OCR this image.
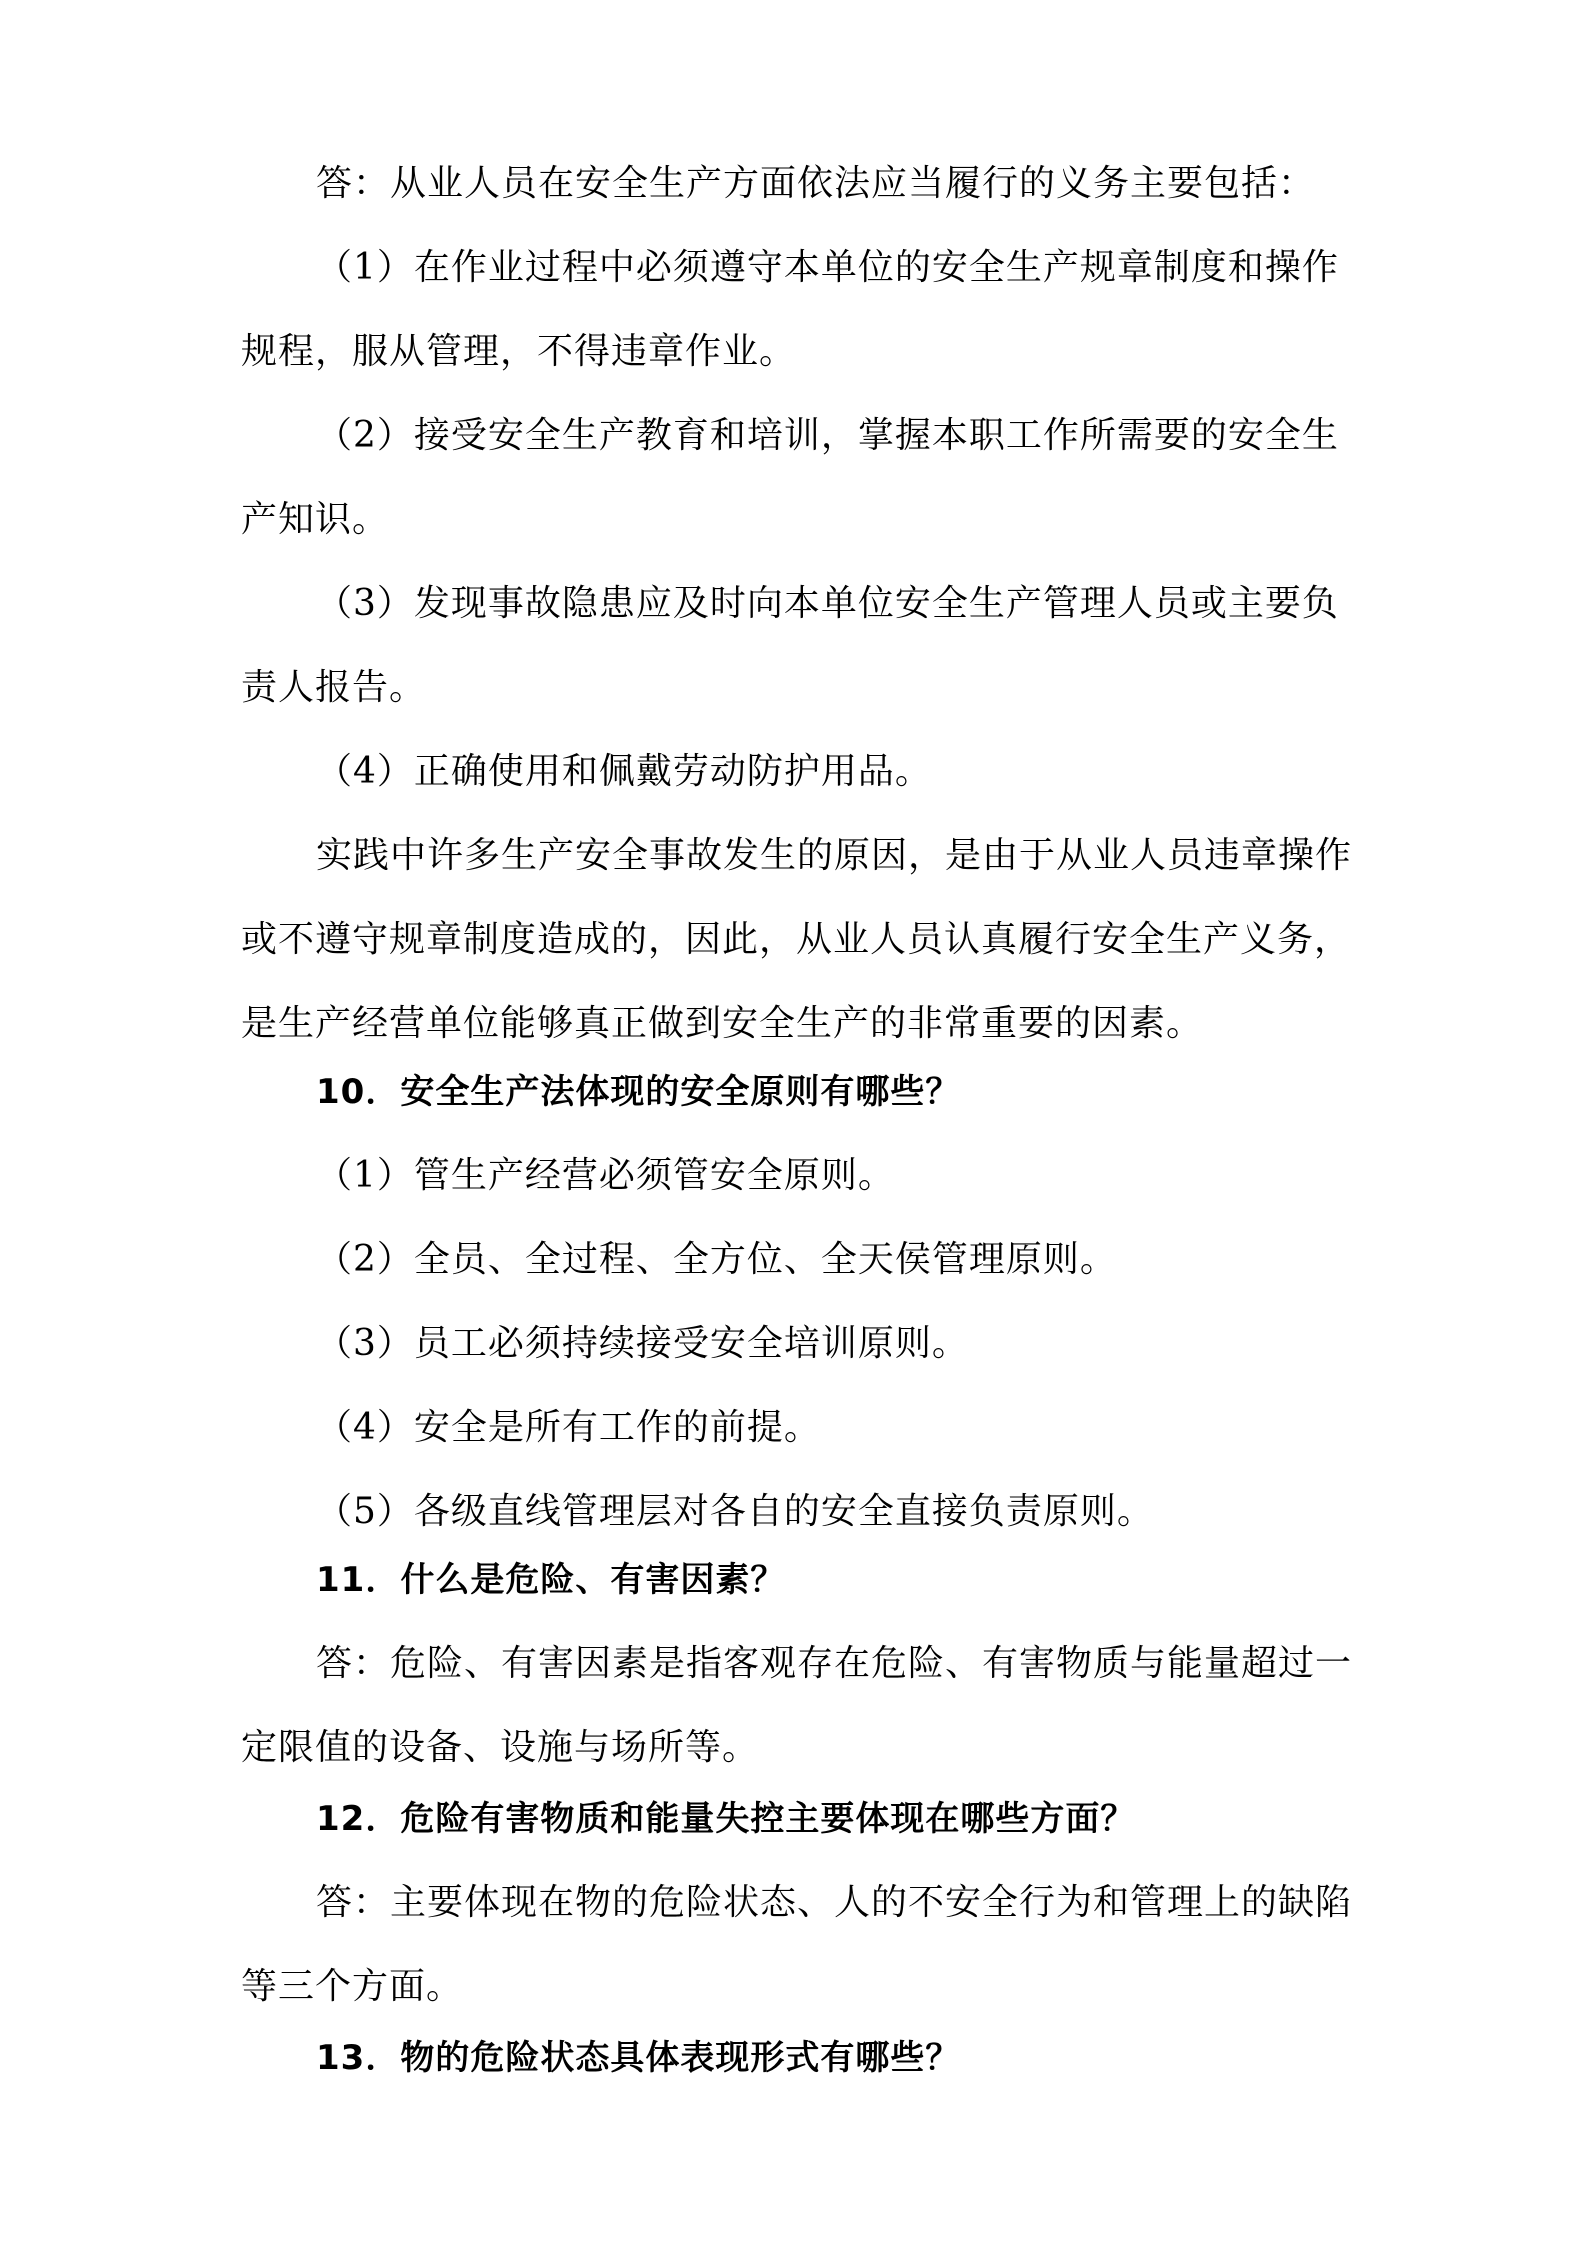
答：从业人员在安全生产方面依法应当履行的义务主要包括：
（1）在作业过程中必须遵守本单位的安全生产规章制度和操作
规程，服从管理，不得违章作业。
（2）接受安全生产教育和培训，掌握本职工作所需要的安全生
产知识。
（3）发现事故隐患应及时向本单位安全生产管理人员或主要负
责人报告。
（4）正确使用和佩戴劳动防护用品。
实践中许多生产安全事故发生的原因，是由于从业人员违章操作
或不遵守规章制度造成的，因此，从业人员认真履行安全生产义务，
是生产经营单位能够真正做到安全生产的非常重要的因素。
10．安全生产法体现的安全原则有哪些？
（1）管生产经营必须管安全原则。
（2）全员、全过程、全方位、全天侯管理原则。
（3）员工必须持续接受安全培训原则。
（4）安全是所有工作的前提。
（5）各级直线管理层对各自的安全直接负责原则。
11．什么是危险、有害因素？
答：危险、有害因素是指客观存在危险、有害物质与能量超过一
定限值的设备、设施与场所等。
12．危险有害物质和能量失控主要体现在哪些方面？
答：主要体现在物的危险状态、人的不安全行为和管理上的缺陷
等三个方面。
13．物的危险状态具体表现形式有哪些？
